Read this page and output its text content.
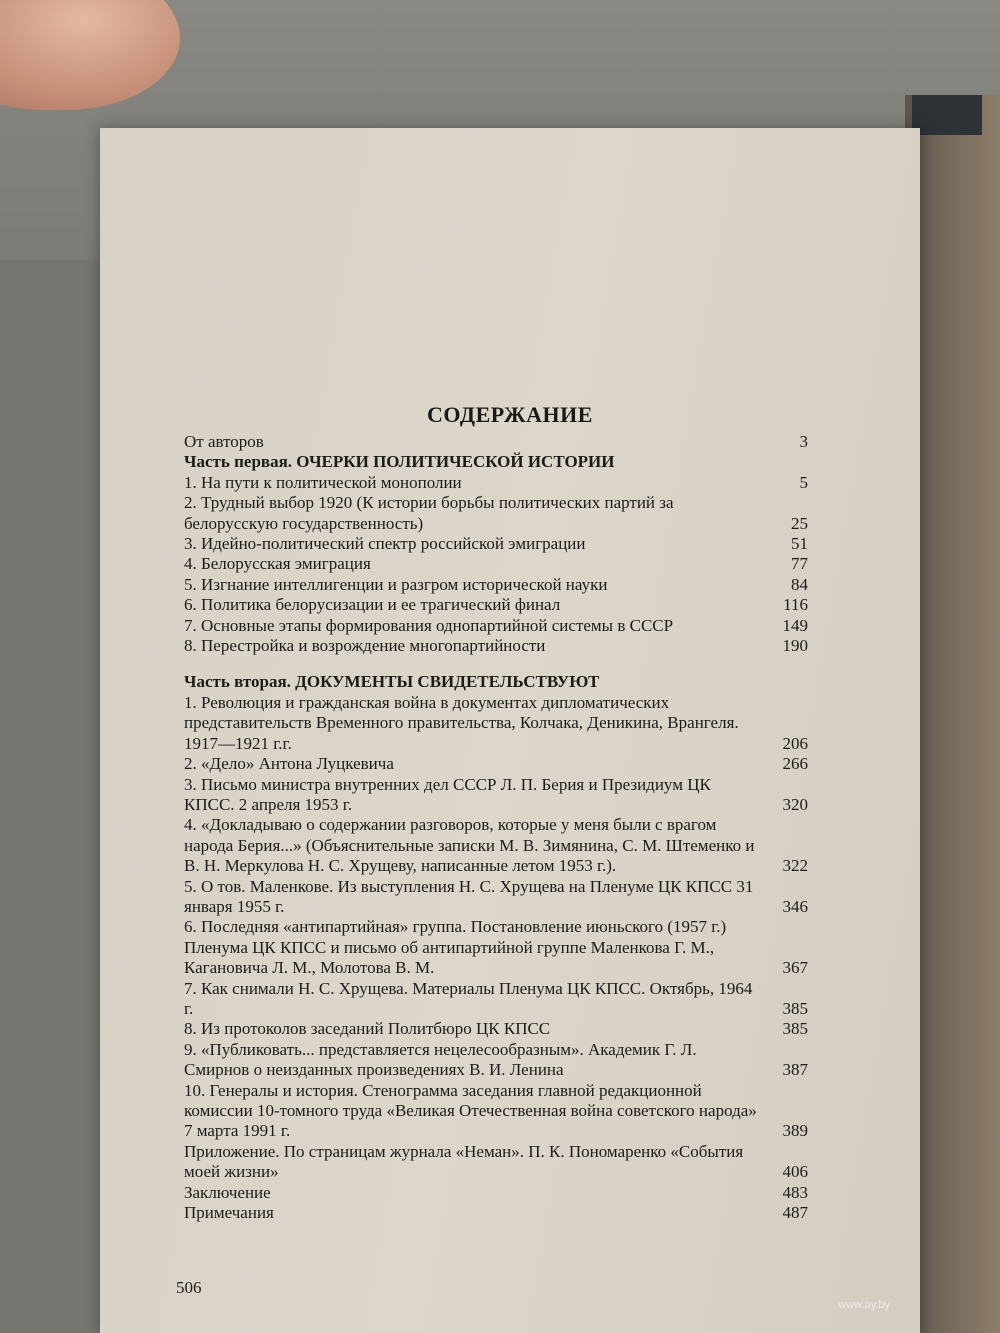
www.ay.by
СОДЕРЖАНИЕ
От авторов	3
Часть первая. ОЧЕРКИ ПОЛИТИЧЕСКОЙ ИСТОРИИ
1. На пути к политической монополии	5
2. Трудный выбор 1920 (К истории борьбы политических партий за белорусскую государственность)	25
3. Идейно-политический спектр российской эмиграции	51
4. Белорусская эмиграция	77
5. Изгнание интеллигенции и разгром исторической науки	84
6. Политика белорусизации и ее трагический финал	116
7. Основные этапы формирования однопартийной системы в СССР	149
8. Перестройка и возрождение многопартийности	190
Часть вторая. ДОКУМЕНТЫ СВИДЕТЕЛЬСТВУЮТ
1. Революция и гражданская война в документах дипломатических представительств Временного правительства, Колчака, Деникина, Врангеля. 1917—1921 г.г.	206
2. «Дело» Антона Луцкевича	266
3. Письмо министра внутренних дел СССР Л. П. Берия и Президиум ЦК КПСС. 2 апреля 1953 г.	320
4. «Докладываю о содержании разговоров, которые у меня были с врагом народа Берия...» (Объяснительные записки М. В. Зимянина, С. М. Штеменко и В. Н. Меркулова Н. С. Хрущеву, написанные летом 1953 г.).	322
5. О тов. Маленкове. Из выступления Н. С. Хрущева на Пленуме ЦК КПСС 31 января 1955 г.	346
6. Последняя «антипартийная» группа. Постановление июньского (1957 г.) Пленума ЦК КПСС и письмо об антипартийной группе Маленкова Г. М., Кагановича Л. М., Молотова В. М.	367
7. Как снимали Н. С. Хрущева. Материалы Пленума ЦК КПСС. Октябрь, 1964 г.	385
8. Из протоколов заседаний Политбюро ЦК КПСС	385
9. «Публиковать... представляется нецелесообразным». Академик Г. Л. Смирнов о неизданных произведениях В. И. Ленина	387
10. Генералы и история. Стенограмма заседания главной редакционной комиссии 10-томного труда «Великая Отечественная война советского народа» 7 марта 1991 г.	389
Приложение. По страницам журнала «Неман». П. К. Пономаренко «События моей жизни»	406
Заключение	483
Примечания	487
506
